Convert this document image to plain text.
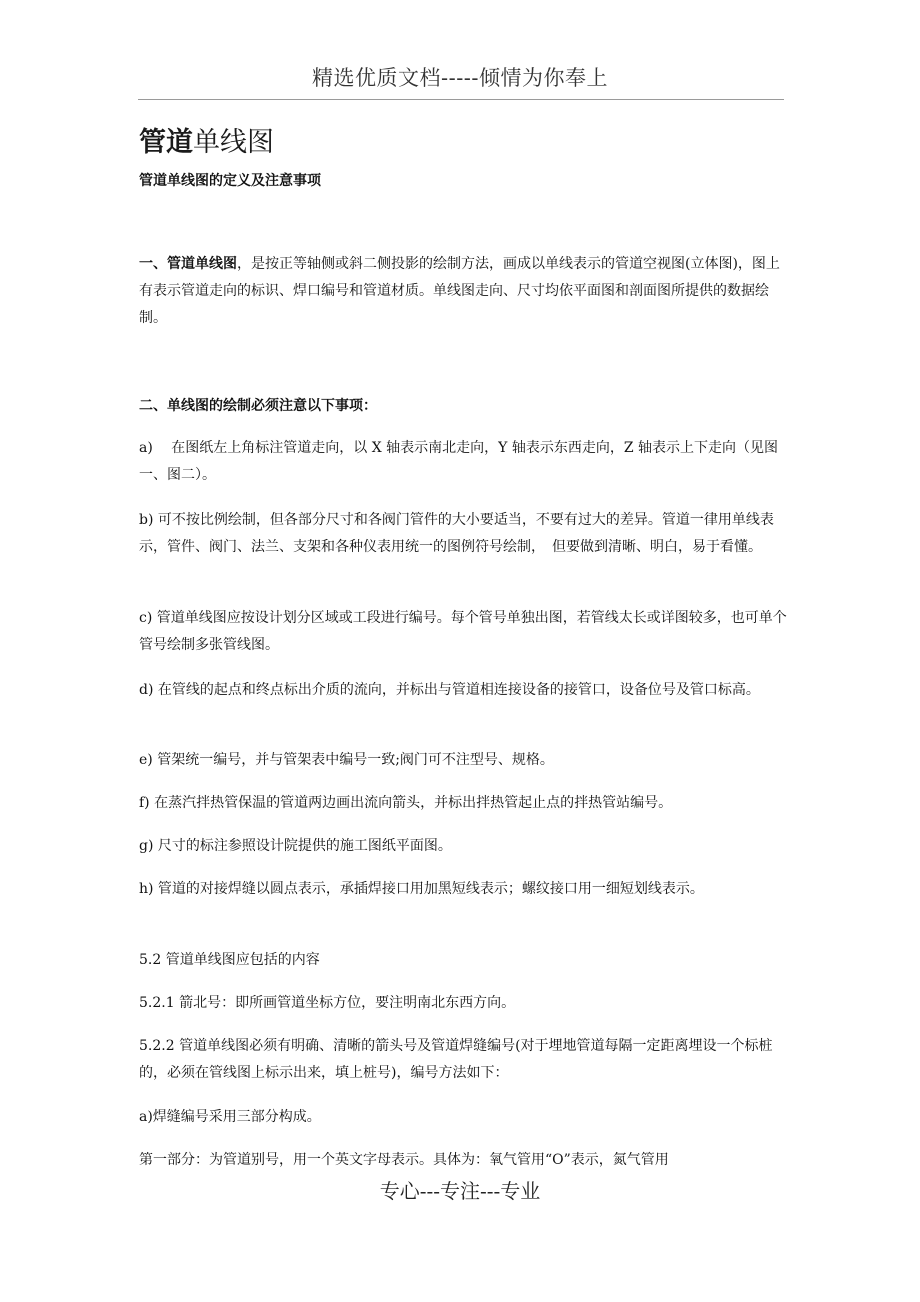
精选优质文档-----倾情为你奉上
管道单线图
管道单线图的定义及注意事项
一、管道单线图，是按正等轴侧或斜二侧投影的绘制方法，画成以单线表示的管道空视图(立体图)，图上有表示管道走向的标识、焊口编号和管道材质。单线图走向、尺寸均依平面图和剖面图所提供的数据绘制。
二、单线图的绘制必须注意以下事项：
a)　 在图纸左上角标注管道走向，以 X 轴表示南北走向，Y 轴表示东西走向，Z 轴表示上下走向（见图一、图二）。
b) 可不按比例绘制，但各部分尺寸和各阀门管件的大小要适当，不要有过大的差异。管道一律用单线表示，管件、阀门、法兰、支架和各种仪表用统一的图例符号绘制，　但要做到清晰、明白，易于看懂。
c) 管道单线图应按设计划分区域或工段进行编号。每个管号单独出图，若管线太长或详图较多，也可单个管号绘制多张管线图。
d) 在管线的起点和终点标出介质的流向，并标出与管道相连接设备的接管口，设备位号及管口标高。
e) 管架统一编号，并与管架表中编号一致;阀门可不注型号、规格。
f) 在蒸汽拌热管保温的管道两边画出流向箭头，并标出拌热管起止点的拌热管站编号。
g) 尺寸的标注参照设计院提供的施工图纸平面图。
h) 管道的对接焊缝以圆点表示，承插焊接口用加黑短线表示；螺纹接口用一细短划线表示。
5.2 管道单线图应包括的内容
5.2.1 箭北号：即所画管道坐标方位，要注明南北东西方向。
5.2.2 管道单线图必须有明确、清晰的箭头号及管道焊缝编号(对于埋地管道每隔一定距离埋设一个标桩的，必须在管线图上标示出来，填上桩号)，编号方法如下：
a)焊缝编号采用三部分构成。
第一部分：为管道别号，用一个英文字母表示。具体为：氧气管用“O”表示，氮气管用
专心---专注---专业
